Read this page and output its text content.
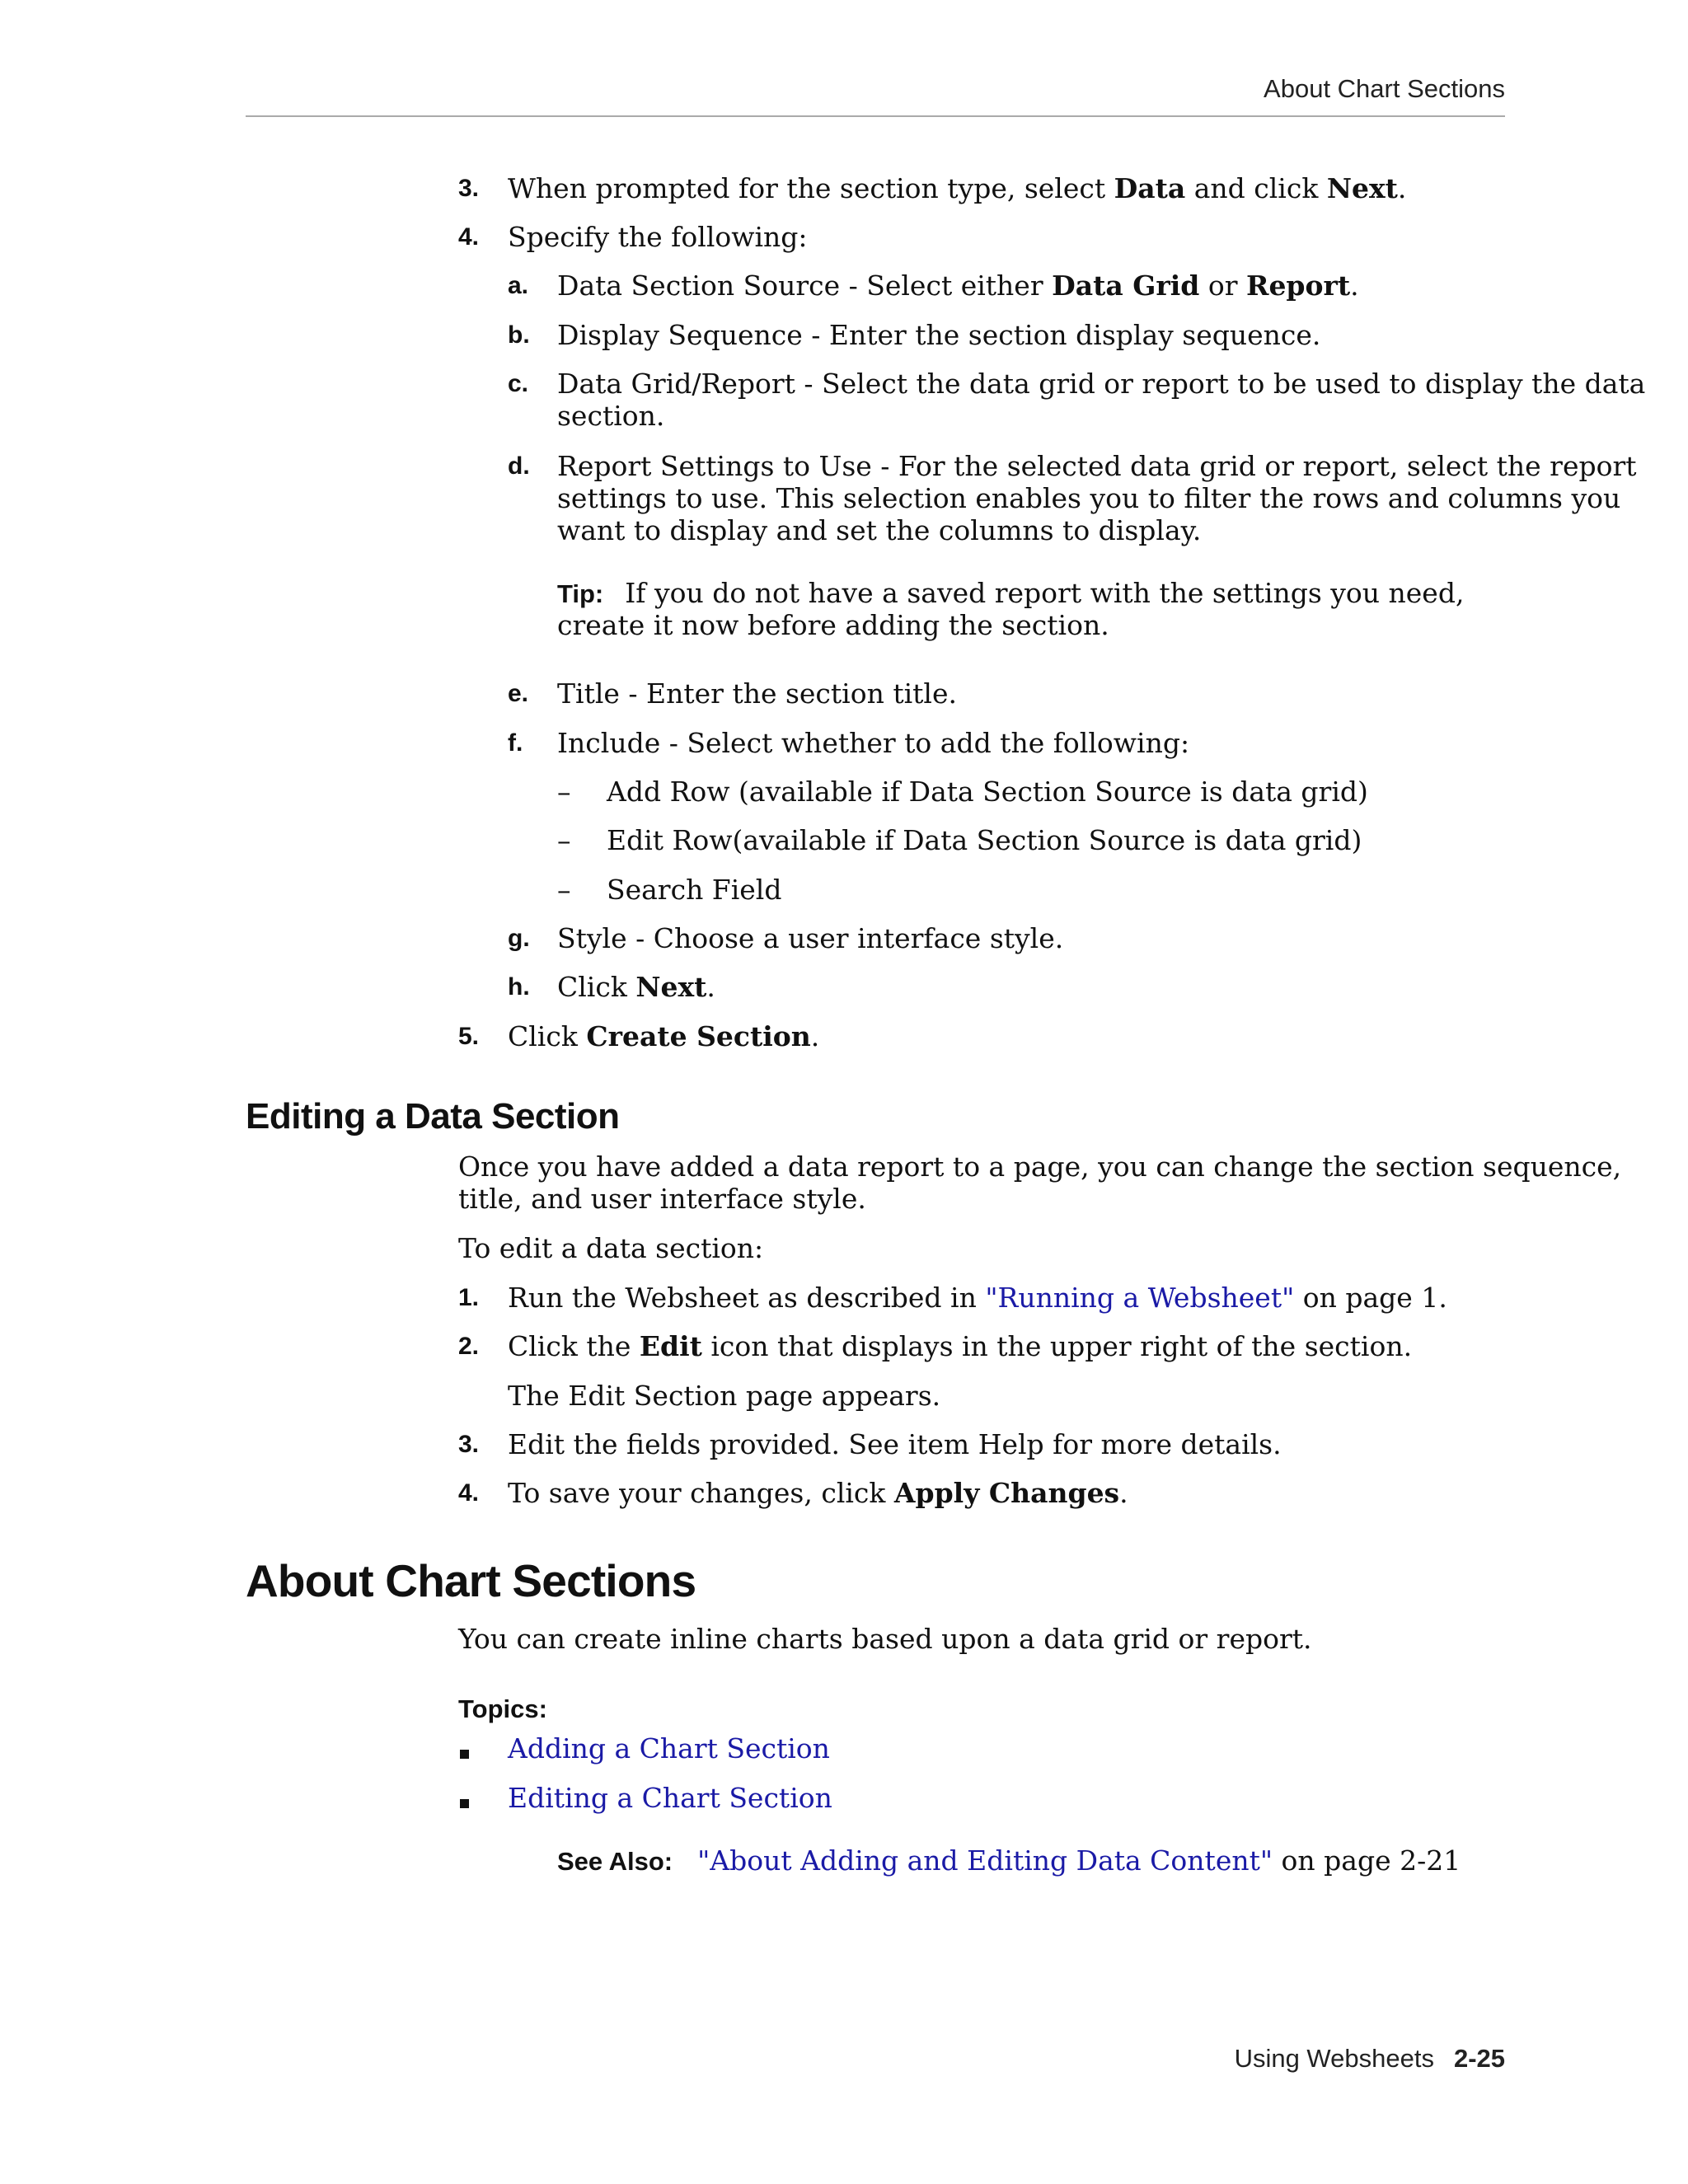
About Chart Sections
3. When prompted for the section type, select Data and click Next.
4. Specify the following:
a. Data Section Source - Select either Data Grid or Report.
b. Display Sequence - Enter the section display sequence.
c. Data Grid/Report - Select the data grid or report to be used to display the data
section.
d. Report Settings to Use - For the selected data grid or report, select the report
settings to use. This selection enables you to filter the rows and columns you
want to display and set the columns to display.
Tip: If you do not have a saved report with the settings you need,
create it now before adding the section.
e. Title - Enter the section title.
f. Include - Select whether to add the following:
– Add Row (available if Data Section Source is data grid)
– Edit Row(available if Data Section Source is data grid)
– Search Field
g. Style - Choose a user interface style.
h. Click Next.
5. Click Create Section.
Editing a Data Section
Once you have added a data report to a page, you can change the section sequence,
title, and user interface style.
To edit a data section:
1. Run the Websheet as described in "Running a Websheet" on page 1.
2. Click the Edit icon that displays in the upper right of the section.
The Edit Section page appears.
3. Edit the fields provided. See item Help for more details.
4. To save your changes, click Apply Changes.
About Chart Sections
You can create inline charts based upon a data grid or report.
Topics:
Adding a Chart Section
Editing a Chart Section
See Also: "About Adding and Editing Data Content" on page 2-21
Using Websheets 2-25
